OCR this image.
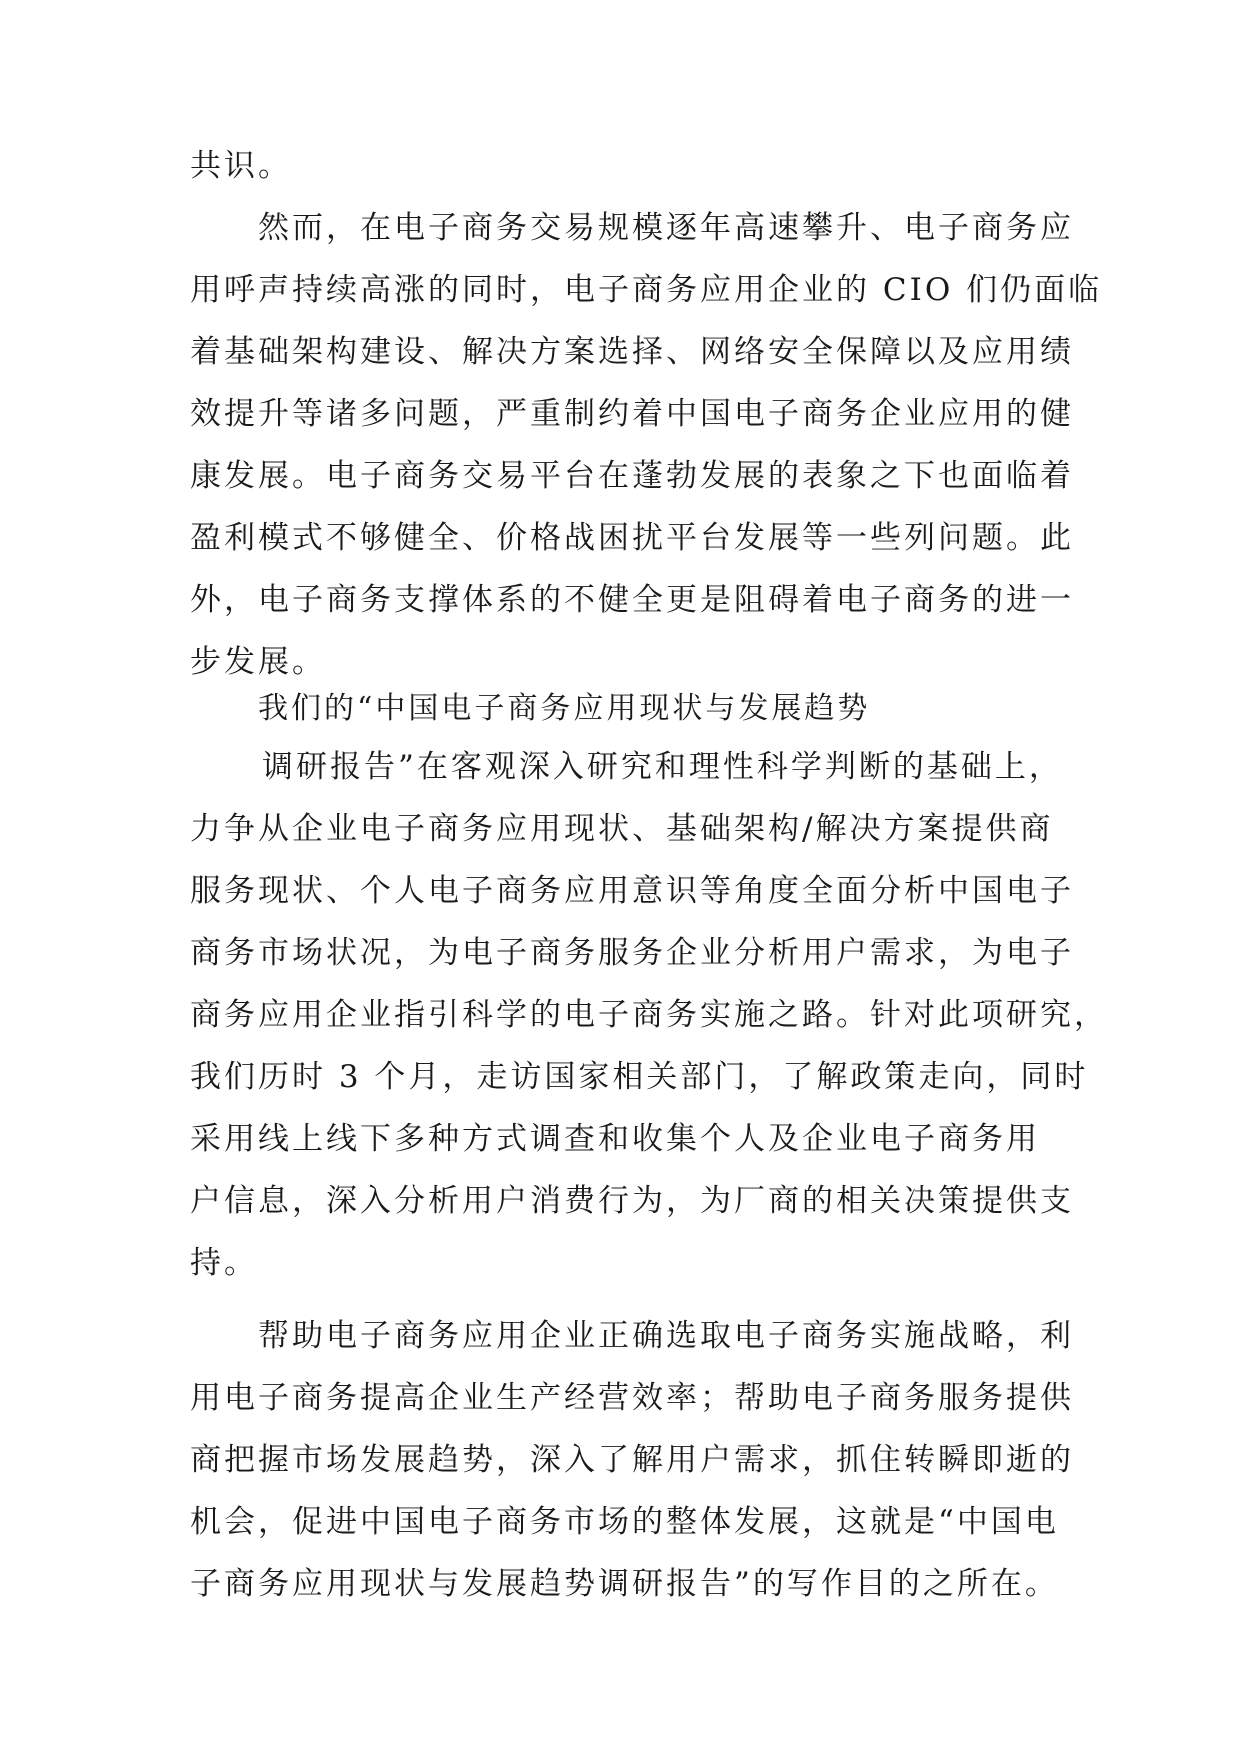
共识。

然而，在电子商务交易规模逐年高速攀升、电子商务应

用呼声持续高涨的同时，电子商务应用企业的 CIO 们仍面临

着基础架构建设、解决方案选择、网络安全保障以及应用绩

效提升等诸多问题，严重制约着中国电子商务企业应用的健

康发展。电子商务交易平台在蓬勃发展的表象之下也面临着

盈利模式不够健全、价格战困扰平台发展等一些列问题。此

外，电子商务支撑体系的不健全更是阻碍着电子商务的进一

步发展。

我们的“中国电子商务应用现状与发展趋势

调研报告”在客观深入研究和理性科学判断的基础上，

力争从企业电子商务应用现状、基础架构/解决方案提供商

服务现状、个人电子商务应用意识等角度全面分析中国电子

商务市场状况，为电子商务服务企业分析用户需求，为电子

商务应用企业指引科学的电子商务实施之路。针对此项研究，

我们历时 3 个月，走访国家相关部门，了解政策走向，同时

采用线上线下多种方式调查和收集个人及企业电子商务用

户信息，深入分析用户消费行为，为厂商的相关决策提供支

持。

帮助电子商务应用企业正确选取电子商务实施战略，利

用电子商务提高企业生产经营效率；帮助电子商务服务提供

商把握市场发展趋势，深入了解用户需求，抓住转瞬即逝的

机会，促进中国电子商务市场的整体发展，这就是“中国电

子商务应用现状与发展趋势调研报告”的写作目的之所在。
